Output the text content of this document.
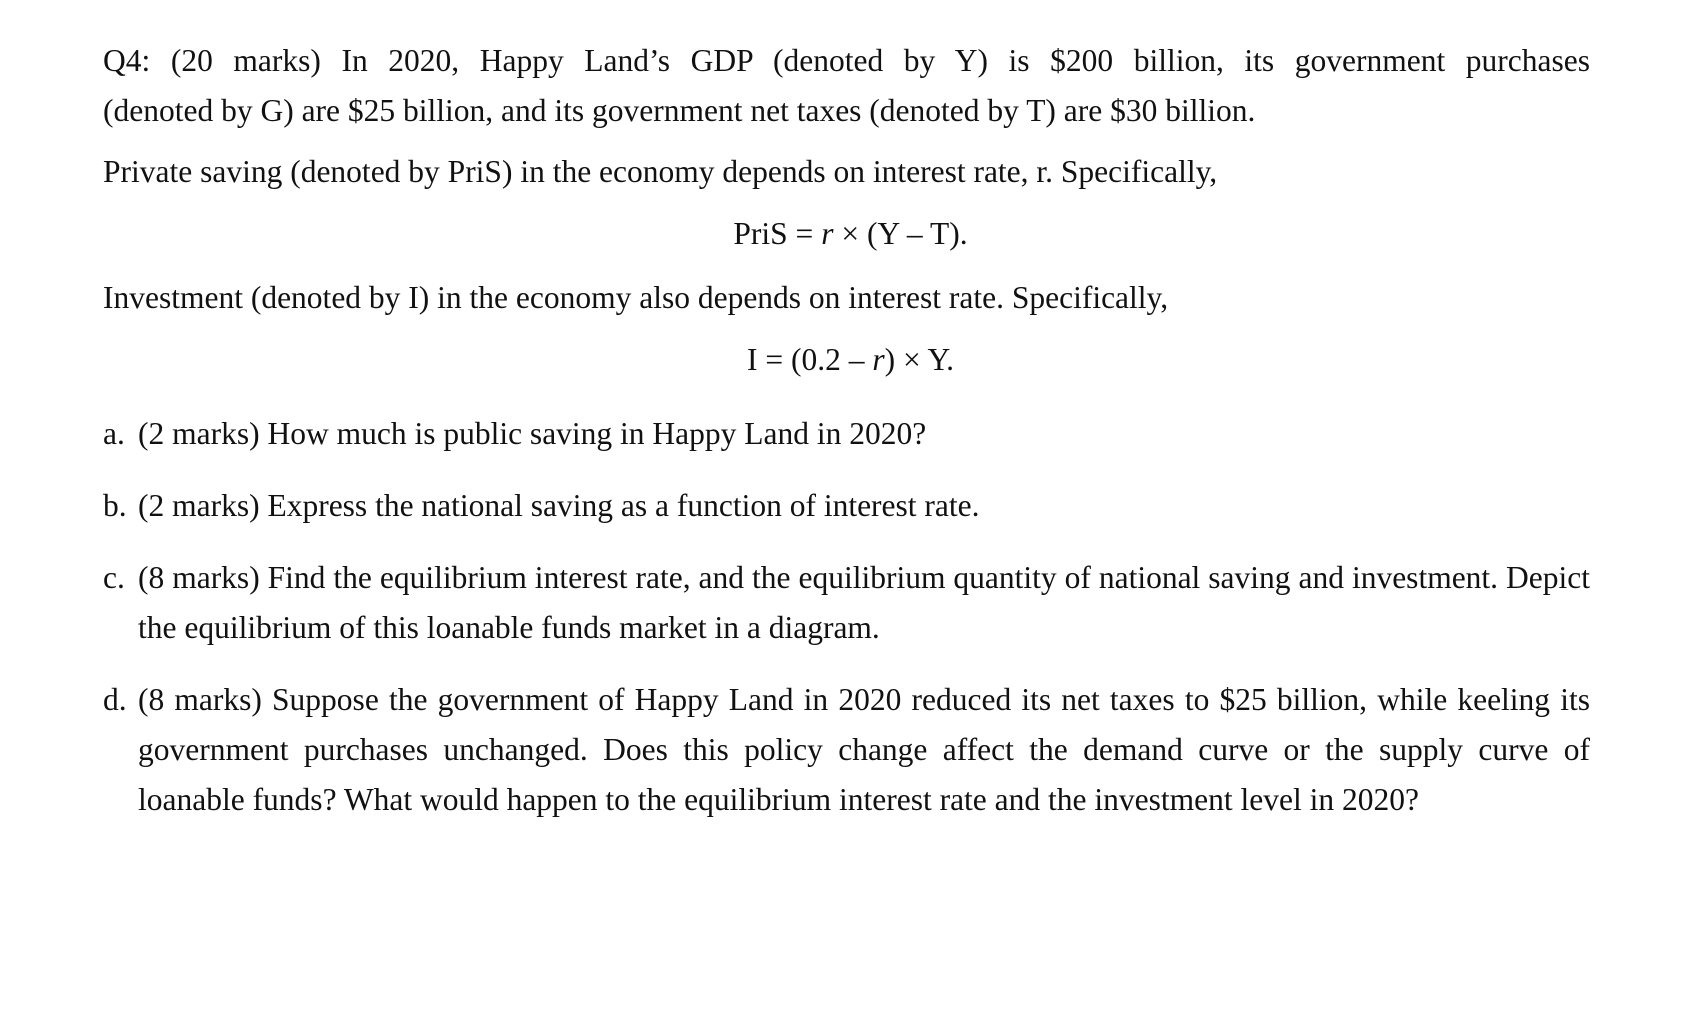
Q4: (20 marks) In 2020, Happy Land’s GDP (denoted by Y) is $200 billion, its government purchases

(denoted by G) are $25 billion, and its government net taxes (denoted by T) are $30 billion.

Private saving (denoted by PriS) in the economy depends on interest rate, r. Specifically,

PriS = r × (Y – T).

Investment (denoted by I) in the economy also depends on interest rate. Specifically,

I = (0.2 – r) × Y.

a. (2 marks) How much is public saving in Happy Land in 2020?
b. (2 marks) Express the national saving as a function of interest rate.
c. (8 marks) Find the equilibrium interest rate, and the equilibrium quantity of national saving and investment. Depict the equilibrium of this loanable funds market in a diagram.
d. (8 marks) Suppose the government of Happy Land in 2020 reduced its net taxes to $25 billion, while keeling its government purchases unchanged. Does this policy change affect the demand curve or the supply curve of loanable funds? What would happen to the equilibrium interest rate and the investment level in 2020?
